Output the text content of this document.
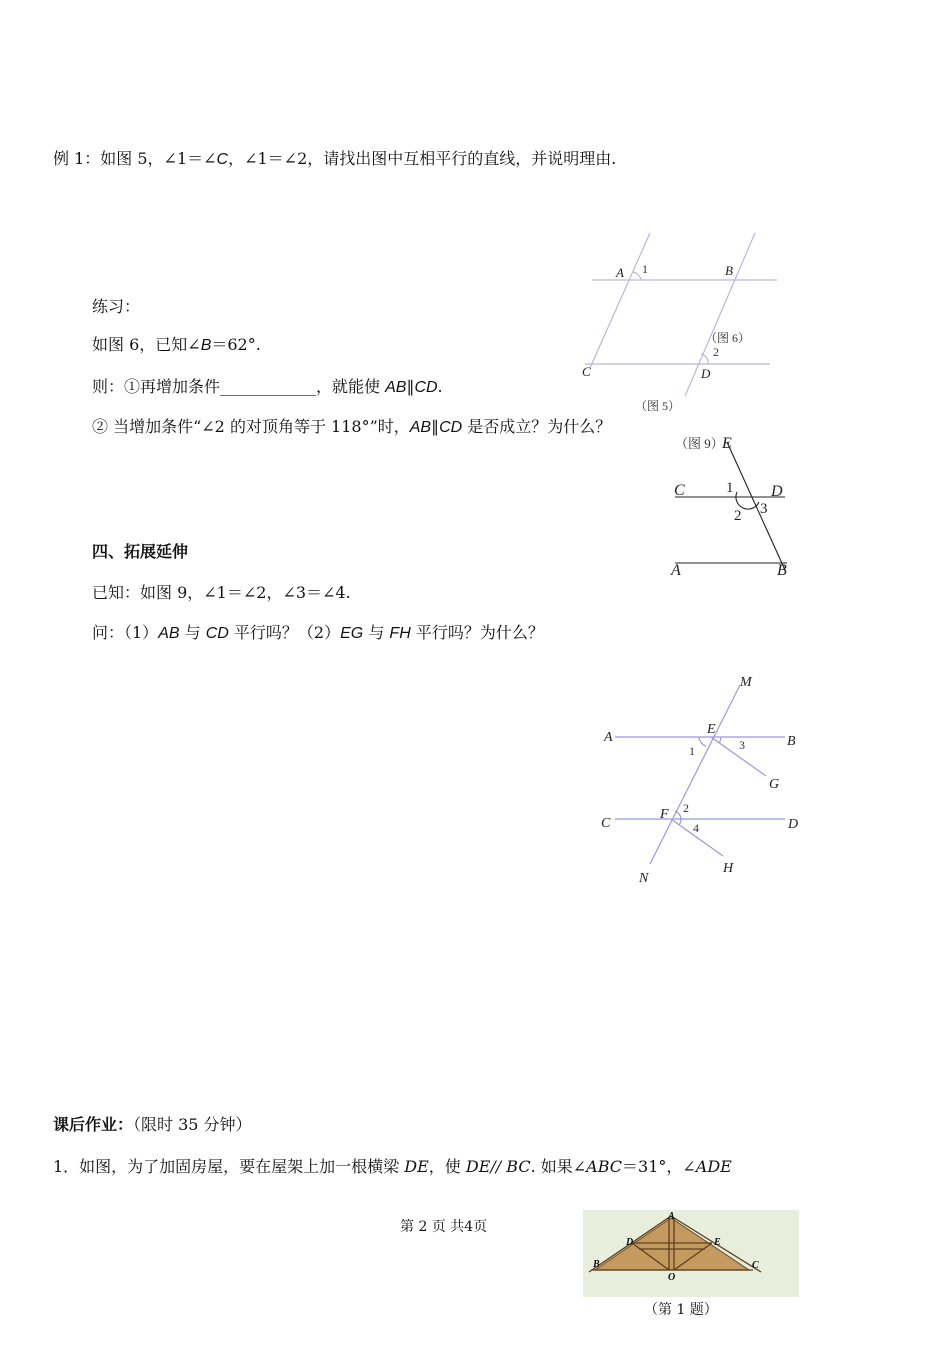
例 1：如图 5，∠1＝∠C，∠1＝∠2，请找出图中互相平行的直线，并说明理由.
练习：
如图 6，已知∠B＝62°.
则：①再增加条件____________，就能使 AB∥CD.
② 当增加条件“∠2 的对顶角等于 118°”时，AB∥CD 是否成立？为什么？
四、拓展延伸
已知：如图 9，∠1＝∠2，∠3＝∠4.
问：（1）AB 与 CD 平行吗？（2）EG 与 FH 平行吗？为什么？
课后作业：（限时 35 分钟）
1．如图，为了加固房屋，要在屋架上加一根横梁 DE，使 DE// BC. 如果∠ABC＝31°，∠ADE
第 2 页 共4页
A	B
C	D
1
2
（图 6）
（图 5）
E
C	D
A	B
1
2 3
（图 9）
M
A
E
B
G
C
F
D
N
H
1	3
2
4
A
B	C
D	E
O
（第 1 题）
